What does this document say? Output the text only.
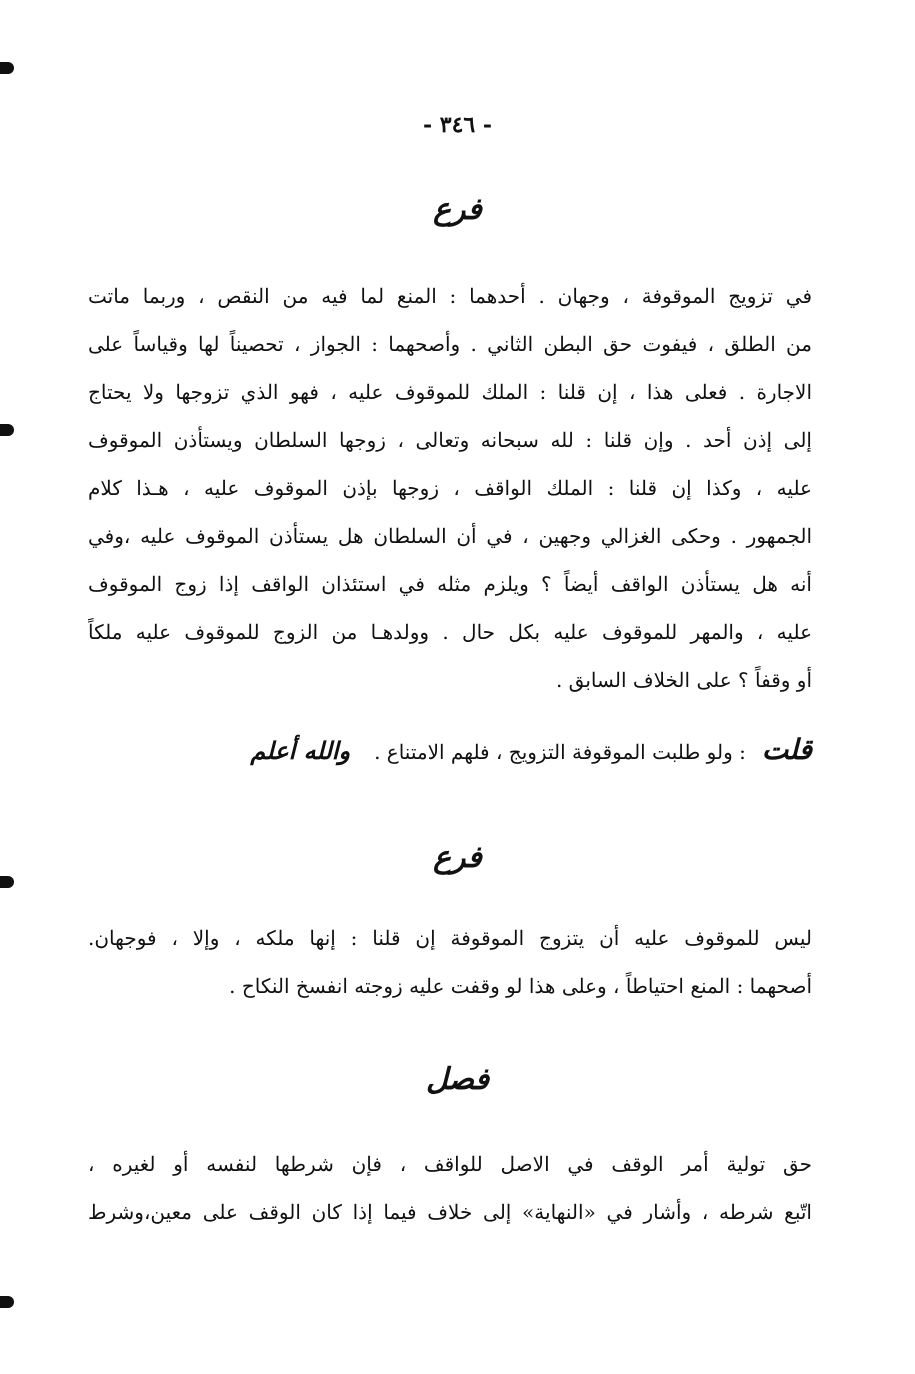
- ٣٤٦ -
فرع
في تزويج الموقوفة ، وجهان . أحدهما : المنع لما فيه من النقص ، وربما ماتت
من الطلق ، فيفوت حق البطن الثاني . وأصحهما : الجواز ، تحصيناً لها وقياساً على
الاجارة . فعلى هذا ، إن قلنا : الملك للموقوف عليه ، فهو الذي تزوجها ولا يحتاج
إلى إذن أحد . وإن قلنا : لله سبحانه وتعالى ، زوجها السلطان ويستأذن الموقوف
عليه ، وكذا إن قلنا : الملك الواقف ، زوجها بإذن الموقوف عليه ، هـذا كلام
الجمهور . وحكى الغزالي وجهين ، في أن السلطان هل يستأذن الموقوف عليه ،وفي
أنه هل يستأذن الواقف أيضاً ؟ ويلزم مثله في استئذان الواقف إذا زوج الموقوف
عليه ، والمهر للموقوف عليه بكل حال . وولدهـا من الزوج للموقوف عليه ملكاً
أو وقفاً ؟ على الخلاف السابق .
قلت: ولو طلبت الموقوفة التزويج ، فلهم الامتناع .والله أعلم
فرع
ليس للموقوف عليه أن يتزوج الموقوفة إن قلنا : إنها ملكه ، وإلا ، فوجهان.
أصحهما : المنع احتياطاً ، وعلى هذا لو وقفت عليه زوجته انفسخ النكاح .
فصل
حق تولية أمر الوقف في الاصل للواقف ، فإن شرطها لنفسه أو لغيره ،
اتّبع شرطه ، وأشار في «النهاية» إلى خلاف فيما إذا كان الوقف على معين،وشرط
